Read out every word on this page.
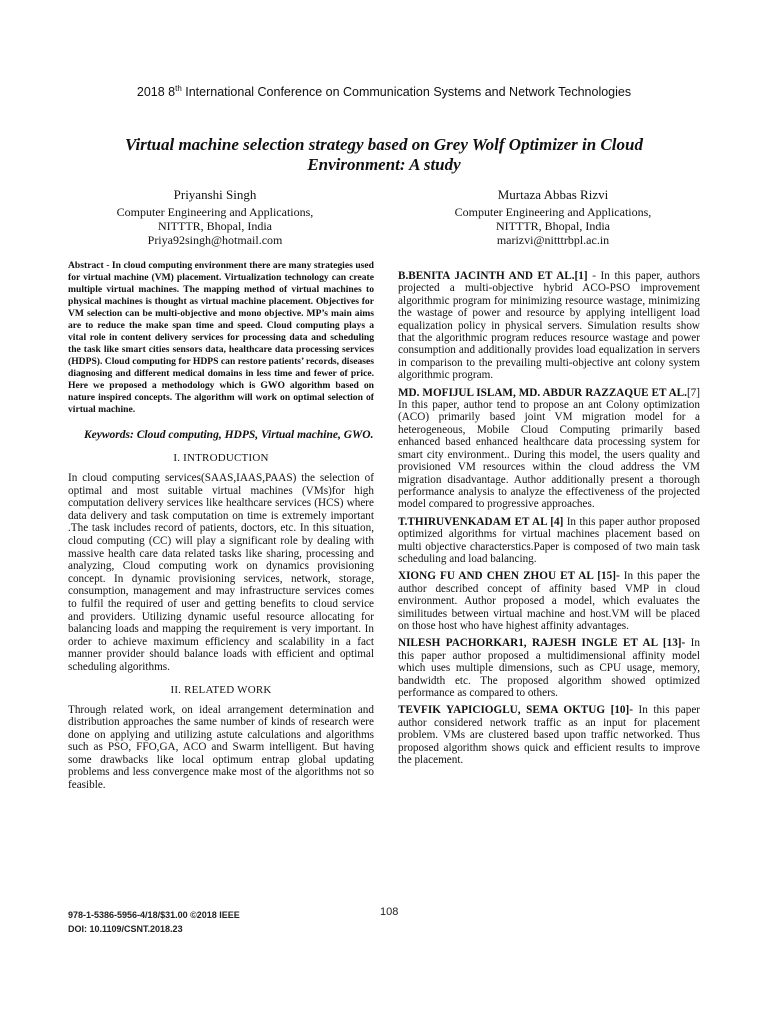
2018 8th International Conference on Communication Systems and Network Technologies
Virtual machine selection strategy based on Grey Wolf Optimizer in Cloud Environment: A study
Priyanshi Singh
Computer Engineering and Applications,
NITTTR, Bhopal, India
Priya92singh@hotmail.com
Murtaza Abbas Rizvi
Computer Engineering and Applications,
NITTTR, Bhopal, India
marizvi@nitttrbpl.ac.in

Abstract - In cloud computing environment there are many strategies used for virtual machine (VM) placement. Virtualization technology can create multiple virtual machines. The mapping method of virtual machines to physical machines is thought as virtual machine placement. Objectives for VM selection can be multi-objective and mono objective. MP’s main aims are to reduce the make span time and speed. Cloud computing plays a vital role in content delivery services for processing data and scheduling the task like smart cities sensors data, healthcare data processing services (HDPS). Cloud computing for HDPS can restore patients’ records, diseases diagnosing and different medical domains in less time and fewer of price. Here we proposed a methodology which is GWO algorithm based on nature inspired concepts. The algorithm will work on optimal selection of virtual machine.

Keywords: Cloud computing, HDPS, Virtual machine, GWO.

I. INTRODUCTION

In cloud computing services(SAAS,IAAS,PAAS) the selection of optimal and most suitable virtual machines (VMs)for high computation delivery services like healthcare services (HCS) where data delivery and task computation on time is extremely important .The task includes record of patients, doctors, etc. In this situation, cloud computing (CC) will play a significant role by dealing with massive health care data related tasks like sharing, processing and analyzing, Cloud computing work on dynamics provisioning concept. In dynamic provisioning services, network, storage, consumption, management and may infrastructure services comes to fulfil the required of user and getting benefits to cloud service and providers. Utilizing dynamic useful resource allocating for balancing loads and mapping the requirement is very important. In order to achieve maximum efficiency and scalability in a fact manner provider should balance loads with efficient and optimal scheduling algorithms.

II. RELATED WORK

Through related work, on ideal arrangement determination and distribution approaches the same number of kinds of research were done on applying and utilizing astute calculations and algorithms such as PSO, FFO,GA, ACO and Swarm intelligent. But having some drawbacks like local optimum entrap global updating problems and less convergence make most of the algorithms not so feasible.

B.BENITA JACINTH AND ET AL.[1] - In this paper, authors projected a multi-objective hybrid ACO-PSO improvement algorithmic program for minimizing resource wastage, minimizing the wastage of power and resource by applying intelligent load equalization policy in physical servers. Simulation results show that the algorithmic program reduces resource wastage and power consumption and additionally provides load equalization in servers in comparison to the prevailing multi-objective ant colony system algorithmic program.

MD. MOFIJUL ISLAM, MD. ABDUR RAZZAQUE ET AL.[7] In this paper, author tend to propose an ant Colony optimization (ACO) primarily based joint VM migration model for a heterogeneous, Mobile Cloud Computing primarily based enhanced based enhanced healthcare data processing system for smart city environment.. During this model, the users quality and provisioned VM resources within the cloud address the VM migration disadvantage. Author additionally present a thorough performance analysis to analyze the effectiveness of the projected model compared to progressive approaches.

T.THIRUVENKADAM ET AL [4] In this paper author proposed optimized algorithms for virtual machines placement based on multi objective characterstics.Paper is composed of two main task scheduling and load balancing.

XIONG FU AND CHEN ZHOU ET AL [15]- In this paper the author described concept of affinity based VMP in cloud environment. Author proposed a model, which evaluates the similitudes between virtual machine and host.VM will be placed on those host who have highest affinity advantages.

NILESH PACHORKAR1, RAJESH INGLE ET AL [13]- In this paper author proposed a multidimensional affinity model which uses multiple dimensions, such as CPU usage, memory, bandwidth etc. The proposed algorithm showed optimized performance as compared to others.

TEVFIK YAPICIOGLU, SEMA OKTUG [10]- In this paper author considered network traffic as an input for placement problem. VMs are clustered based upon traffic networked. Thus proposed algorithm shows quick and efficient results to improve the placement.

978-1-5386-5956-4/18/$31.00 ©2018 IEEE
DOI: 10.1109/CSNT.2018.23
108
